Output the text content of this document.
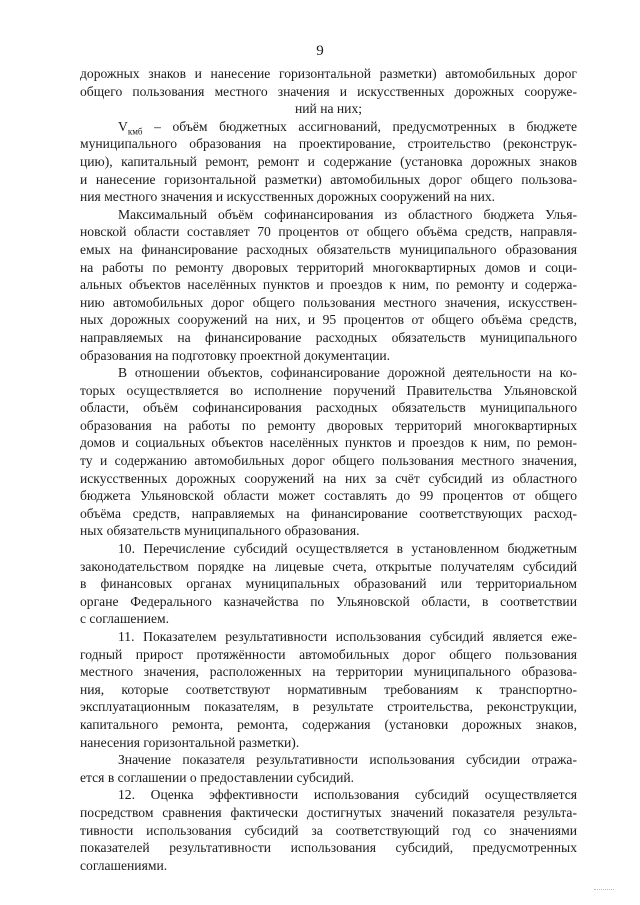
9
дорожных знаков и нанесение горизонтальной разметки) автомобильных дорог
общего пользования местного значения и искусственных дорожных сооруже-
ний на них;
$V_{кмб}$ – объём бюджетных ассигнований, предусмотренных в бюджете
муниципального образования на проектирование, строительство (реконструк-
цию), капитальный ремонт, ремонт и содержание (установка дорожных знаков
и нанесение горизонтальной разметки) автомобильных дорог общего пользова-
ния местного значения и искусственных дорожных сооружений на них.
Максимальный объём софинансирования из областного бюджета Улья-
новской области составляет 70 процентов от общего объёма средств, направля-
емых на финансирование расходных обязательств муниципального образования
на работы по ремонту дворовых территорий многоквартирных домов и соци-
альных объектов населённых пунктов и проездов к ним, по ремонту и содержа-
нию автомобильных дорог общего пользования местного значения, искусствен-
ных дорожных сооружений на них, и 95 процентов от общего объёма средств,
направляемых на финансирование расходных обязательств муниципального
образования на подготовку проектной документации.
В отношении объектов, софинансирование дорожной деятельности на ко-
торых осуществляется во исполнение поручений Правительства Ульяновской
области, объём софинансирования расходных обязательств муниципального
образования на работы по ремонту дворовых территорий многоквартирных
домов и социальных объектов населённых пунктов и проездов к ним, по ремон-
ту и содержанию автомобильных дорог общего пользования местного значения,
искусственных дорожных сооружений на них за счёт субсидий из областного
бюджета Ульяновской области может составлять до 99 процентов от общего
объёма средств, направляемых на финансирование соответствующих расход-
ных обязательств муниципального образования.
10. Перечисление субсидий осуществляется в установленном бюджетным
законодательством порядке на лицевые счета, открытые получателям субсидий
в финансовых органах муниципальных образований или территориальном
органе Федерального казначейства по Ульяновской области, в соответствии
с соглашением.
11. Показателем результативности использования субсидий является еже-
годный прирост протяжённости автомобильных дорог общего пользования
местного значения, расположенных на территории муниципального образова-
ния, которые соответствуют нормативным требованиям к транспортно-
эксплуатационным показателям, в результате строительства, реконструкции,
капитального ремонта, ремонта, содержания (установки дорожных знаков,
нанесения горизонтальной разметки).
Значение показателя результативности использования субсидии отража-
ется в соглашении о предоставлении субсидий.
12. Оценка эффективности использования субсидий осуществляется
посредством сравнения фактически достигнутых значений показателя результа-
тивности использования субсидий за соответствующий год со значениями
показателей результативности использования субсидий, предусмотренных
соглашениями.
